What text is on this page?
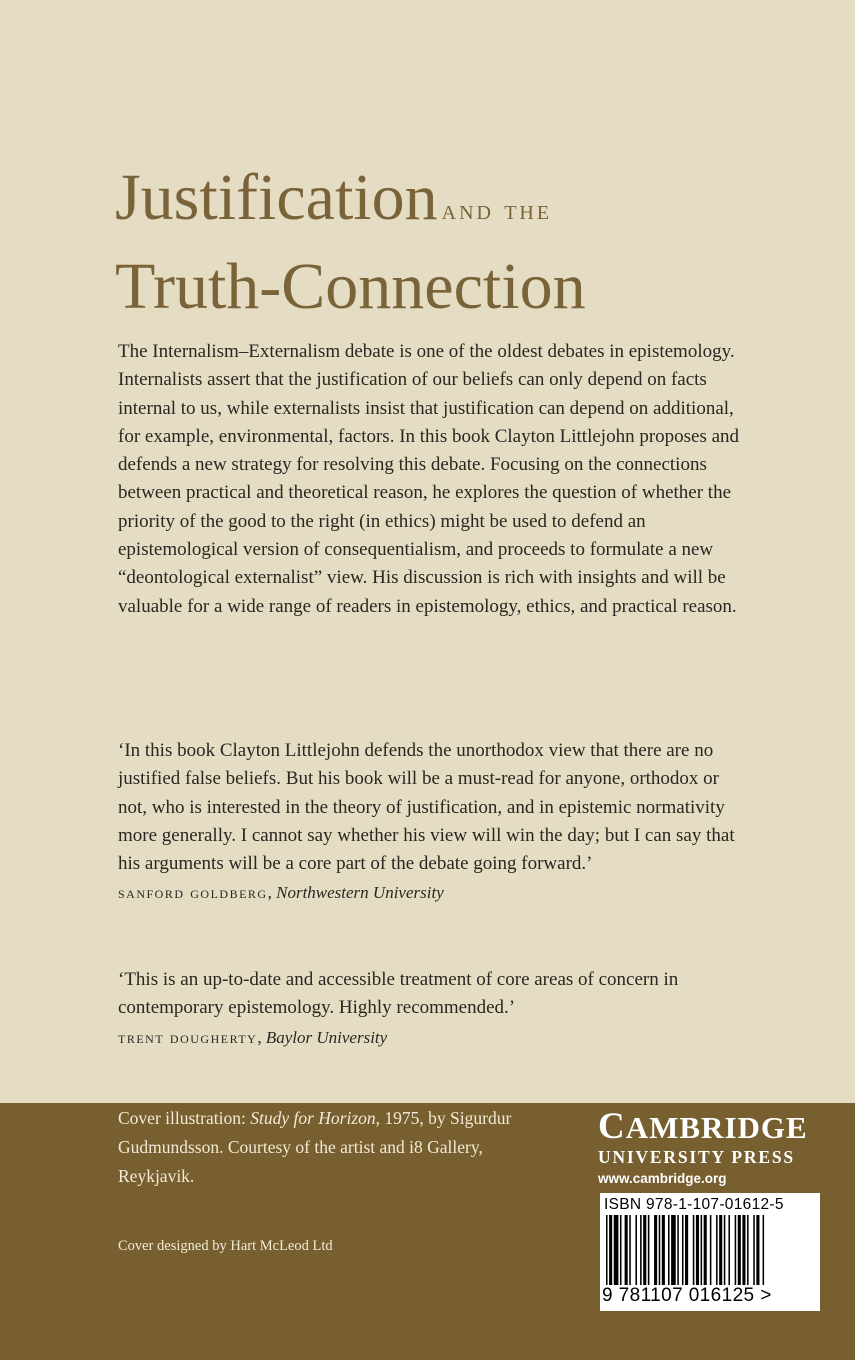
Justification and the
Truth-Connection
The Internalism–Externalism debate is one of the oldest debates in epistemology. Internalists assert that the justification of our beliefs can only depend on facts internal to us, while externalists insist that justification can depend on additional, for example, environmental, factors. In this book Clayton Littlejohn proposes and defends a new strategy for resolving this debate. Focusing on the connections between practical and theoretical reason, he explores the question of whether the priority of the good to the right (in ethics) might be used to defend an epistemological version of consequentialism, and proceeds to formulate a new “deontological externalist” view. His discussion is rich with insights and will be valuable for a wide range of readers in epistemology, ethics, and practical reason.
‘In this book Clayton Littlejohn defends the unorthodox view that there are no justified false beliefs. But his book will be a must-read for anyone, orthodox or not, who is interested in the theory of justification, and in epistemic normativity more generally. I cannot say whether his view will win the day; but I can say that his arguments will be a core part of the debate going forward.’
sanford goldberg, Northwestern University
‘This is an up-to-date and accessible treatment of core areas of concern in contemporary epistemology. Highly recommended.’
trent dougherty, Baylor University
Cover illustration: Study for Horizon, 1975, by Sigurdur Gudmundsson. Courtesy of the artist and i8 Gallery, Reykjavik.
Cover designed by Hart McLeod Ltd
CAMBRIDGE
UNIVERSITY PRESS
www.cambridge.org
ISBN 978-1-107-01612-5
9 781107 016125 >
